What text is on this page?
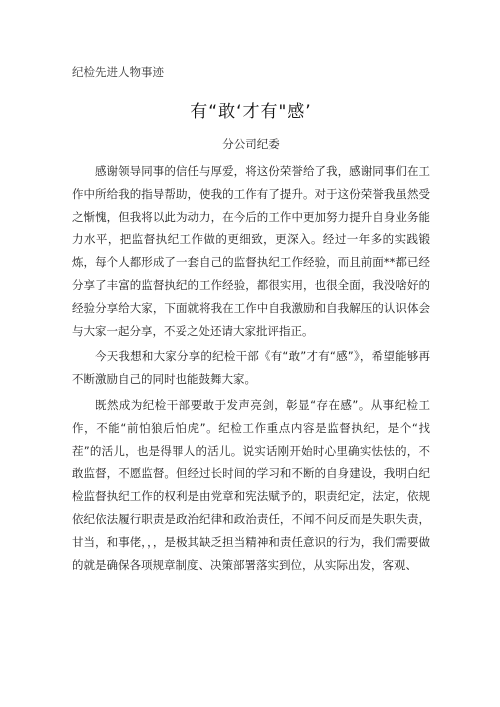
纪检先进人物事迹
有“敢‘才有"感’
分公司纪委

感谢领导同事的信任与厚爱，将这份荣誉给了我，感谢同事们在工作中所给我的指导帮助，使我的工作有了提升。对于这份荣誉我虽然受之惭愧，但我将以此为动力，在今后的工作中更加努力提升自身业务能力水平，把监督执纪工作做的更细致，更深入。经过一年多的实践锻炼，每个人都形成了一套自己的监督执纪工作经验，而且前面**都已经分享了丰富的监督执纪的工作经验，都很实用，也很全面，我没啥好的经验分享给大家，下面就将我在工作中自我激励和自我解压的认识体会与大家一起分享，不妥之处还请大家批评指正。

今天我想和大家分享的纪检干部《有“敢”才有“感”》，希望能够再不断激励自己的同时也能鼓舞大家。

既然成为纪检干部要敢于发声亮剑，彰显“存在感”。从事纪检工作，不能“前怕狼后怕虎”。纪检工作重点内容是监督执纪，是个“找茬”的活儿，也是得罪人的活儿。说实话刚开始时心里确实怯怯的，不敢监督，不愿监督。但经过长时间的学习和不断的自身建设，我明白纪检监督执纪工作的权利是由党章和宪法赋予的，职责纪定，法定，依规依纪依法履行职责是政治纪律和政治责任，不闻不问反而是失职失责，甘当，和事佬，，，是极其缺乏担当精神和责任意识的行为，我们需要做的就是确保各项规章制度、决策部署落实到位，从实际出发，客观、
